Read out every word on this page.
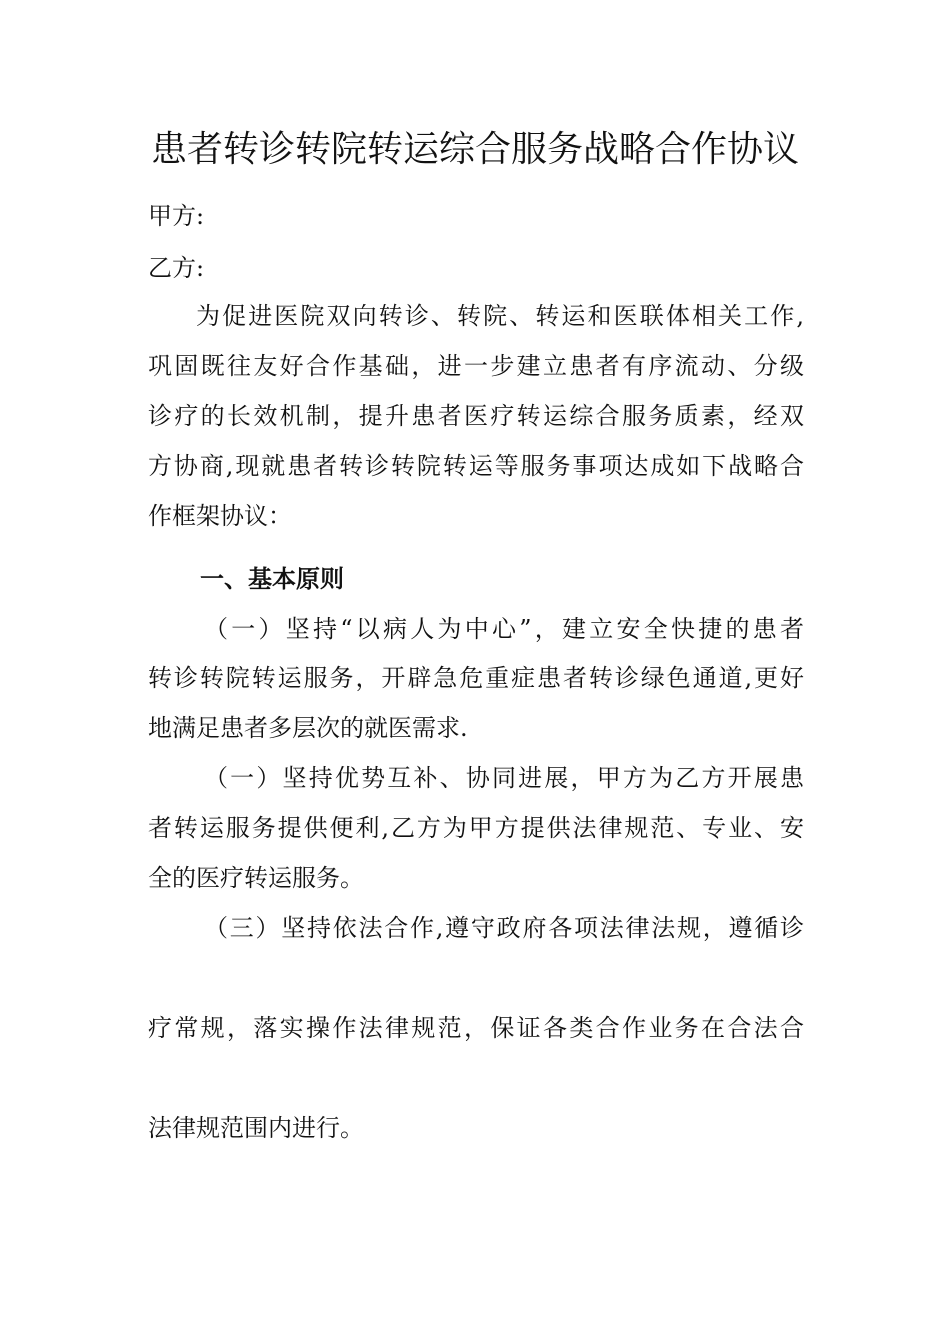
患者转诊转院转运综合服务战略合作协议
甲方:
乙方:
为促进医院双向转诊、转院、转运和医联体相关工作,
巩固既往友好合作基础，进一步建立患者有序流动、分级
诊疗的长效机制，提升患者医疗转运综合服务质素，经双
方协商,现就患者转诊转院转运等服务事项达成如下战略合
作框架协议：
一、基本原则
（一）坚持“以病人为中心”，建立安全快捷的患者
转诊转院转运服务，开辟急危重症患者转诊绿色通道,更好
地满足患者多层次的就医需求.
（一）坚持优势互补、协同进展，甲方为乙方开展患
者转运服务提供便利,乙方为甲方提供法律规范、专业、安
全的医疗转运服务。
（三）坚持依法合作,遵守政府各项法律法规，遵循诊
疗常规，落实操作法律规范，保证各类合作业务在合法合
法律规范围内进行。
